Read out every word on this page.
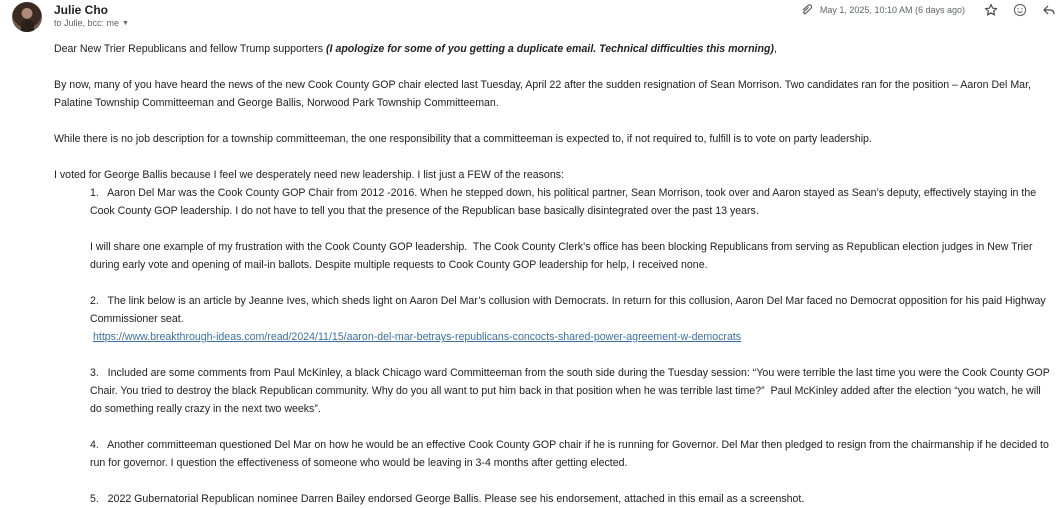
Julie Cho
to Julie, bcc: me ▼
May 1, 2025, 10:10 AM (6 days ago)

Dear New Trier Republicans and fellow Trump supporters (I apologize for some of you getting a duplicate email. Technical difficulties this morning),

By now, many of you have heard the news of the new Cook County GOP chair elected last Tuesday, April 22 after the sudden resignation of Sean Morrison. Two candidates ran for the position – Aaron Del Mar, Palatine Township Committeeman and George Ballis, Norwood Park Township Committeeman.

While there is no job description for a township committeeman, the one responsibility that a committeeman is expected to, if not required to, fulfill is to vote on party leadership.

I voted for George Ballis because I feel we desperately need new leadership. I list just a FEW of the reasons:

1.   Aaron Del Mar was the Cook County GOP Chair from 2012 -2016. When he stepped down, his political partner, Sean Morrison, took over and Aaron stayed as Sean’s deputy, effectively staying in the Cook County GOP leadership. I do not have to tell you that the presence of the Republican base basically disintegrated over the past 13 years.

I will share one example of my frustration with the Cook County GOP leadership.  The Cook County Clerk’s office has been blocking Republicans from serving as Republican election judges in New Trier during early vote and opening of mail-in ballots. Despite multiple requests to Cook County GOP leadership for help, I received none.

2.   The link below is an article by Jeanne Ives, which sheds light on Aaron Del Mar’s collusion with Democrats. In return for this collusion, Aaron Del Mar faced no Democrat opposition for his paid Highway Commissioner seat.

https://www.breakthrough-ideas.com/read/2024/11/15/aaron-del-mar-betrays-republicans-concocts-shared-power-agreement-w-democrats

3.   Included are some comments from Paul McKinley, a black Chicago ward Committeeman from the south side during the Tuesday session: “You were terrible the last time you were the Cook County GOP Chair. You tried to destroy the black Republican community. Why do you all want to put him back in that position when he was terrible last time?”  Paul McKinley added after the election “you watch, he will do something really crazy in the next two weeks”.

4.   Another committeeman questioned Del Mar on how he would be an effective Cook County GOP chair if he is running for Governor. Del Mar then pledged to resign from the chairmanship if he decided to run for governor. I question the effectiveness of someone who would be leaving in 3-4 months after getting elected.

5.   2022 Gubernatorial Republican nominee Darren Bailey endorsed George Ballis. Please see his endorsement, attached in this email as a screenshot.
